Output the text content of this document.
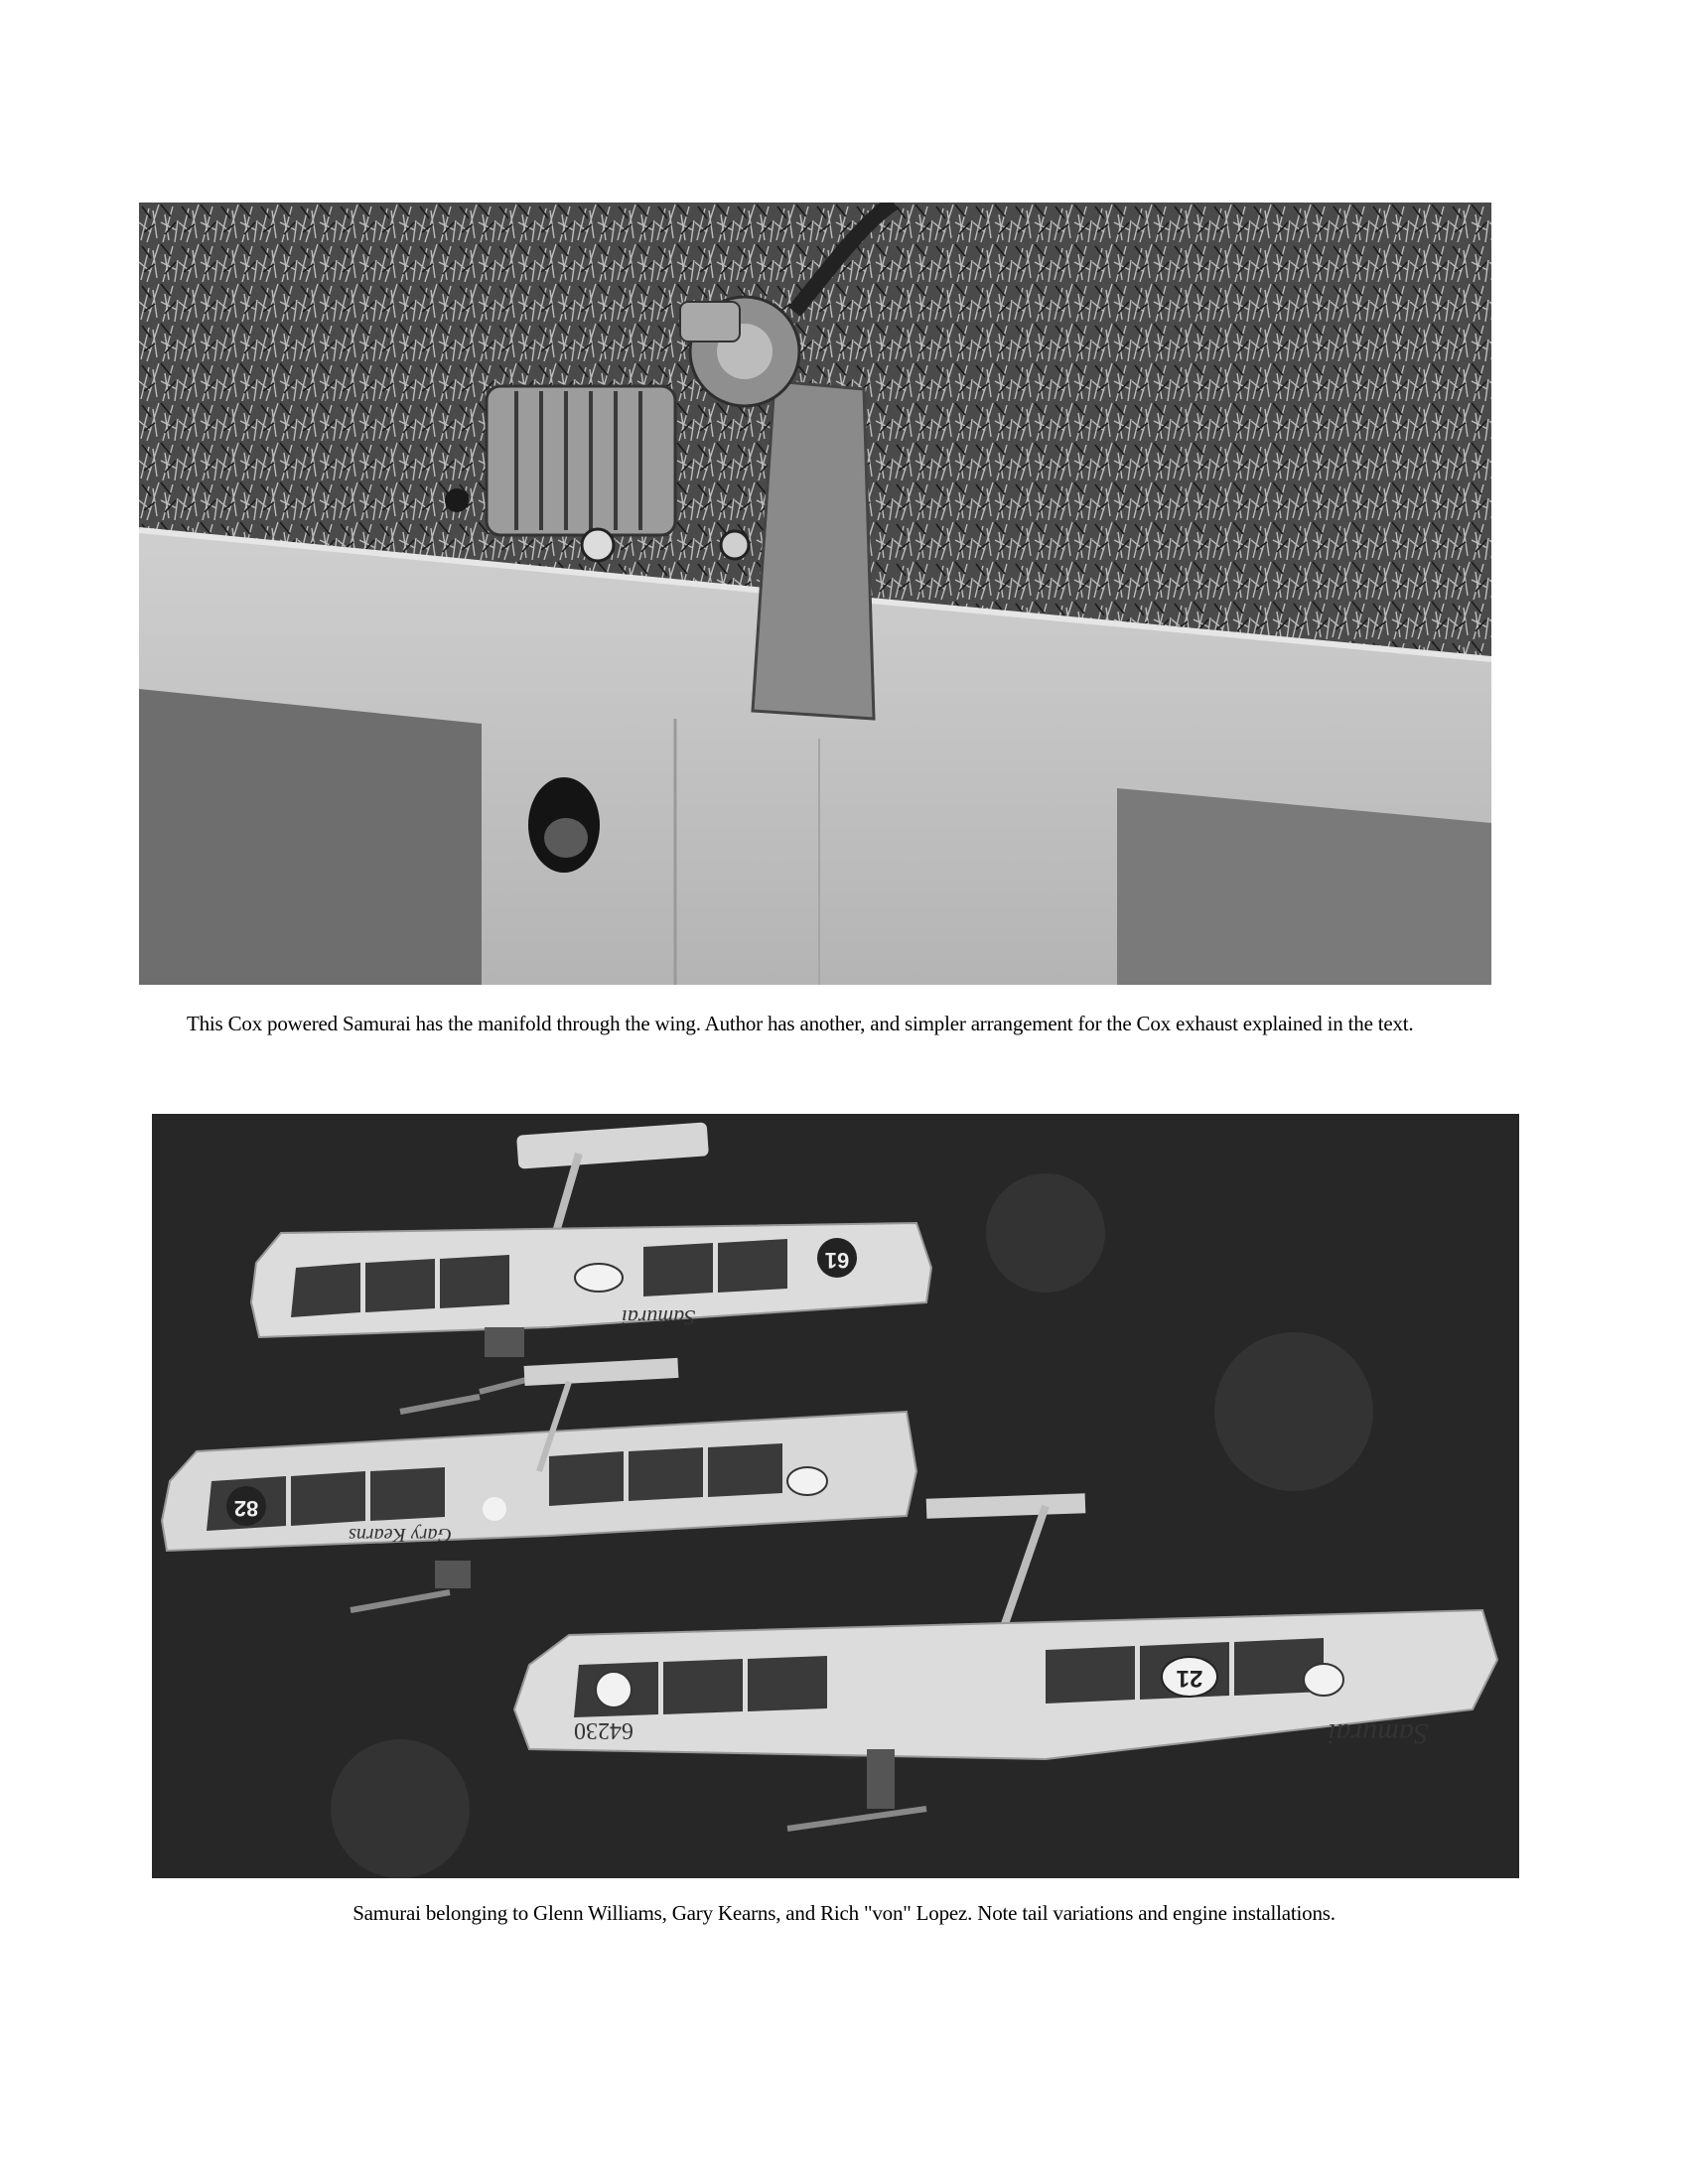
This Cox powered Samurai has the manifold through the wing. Author has another, and simpler arrangement for the Cox exhaust explained in the text.
61
Samurai
82
Gary Kearns
21
Samurai
64230
Samurai belonging to Glenn Williams, Gary Kearns, and Rich "von" Lopez. Note tail variations and engine installations.
